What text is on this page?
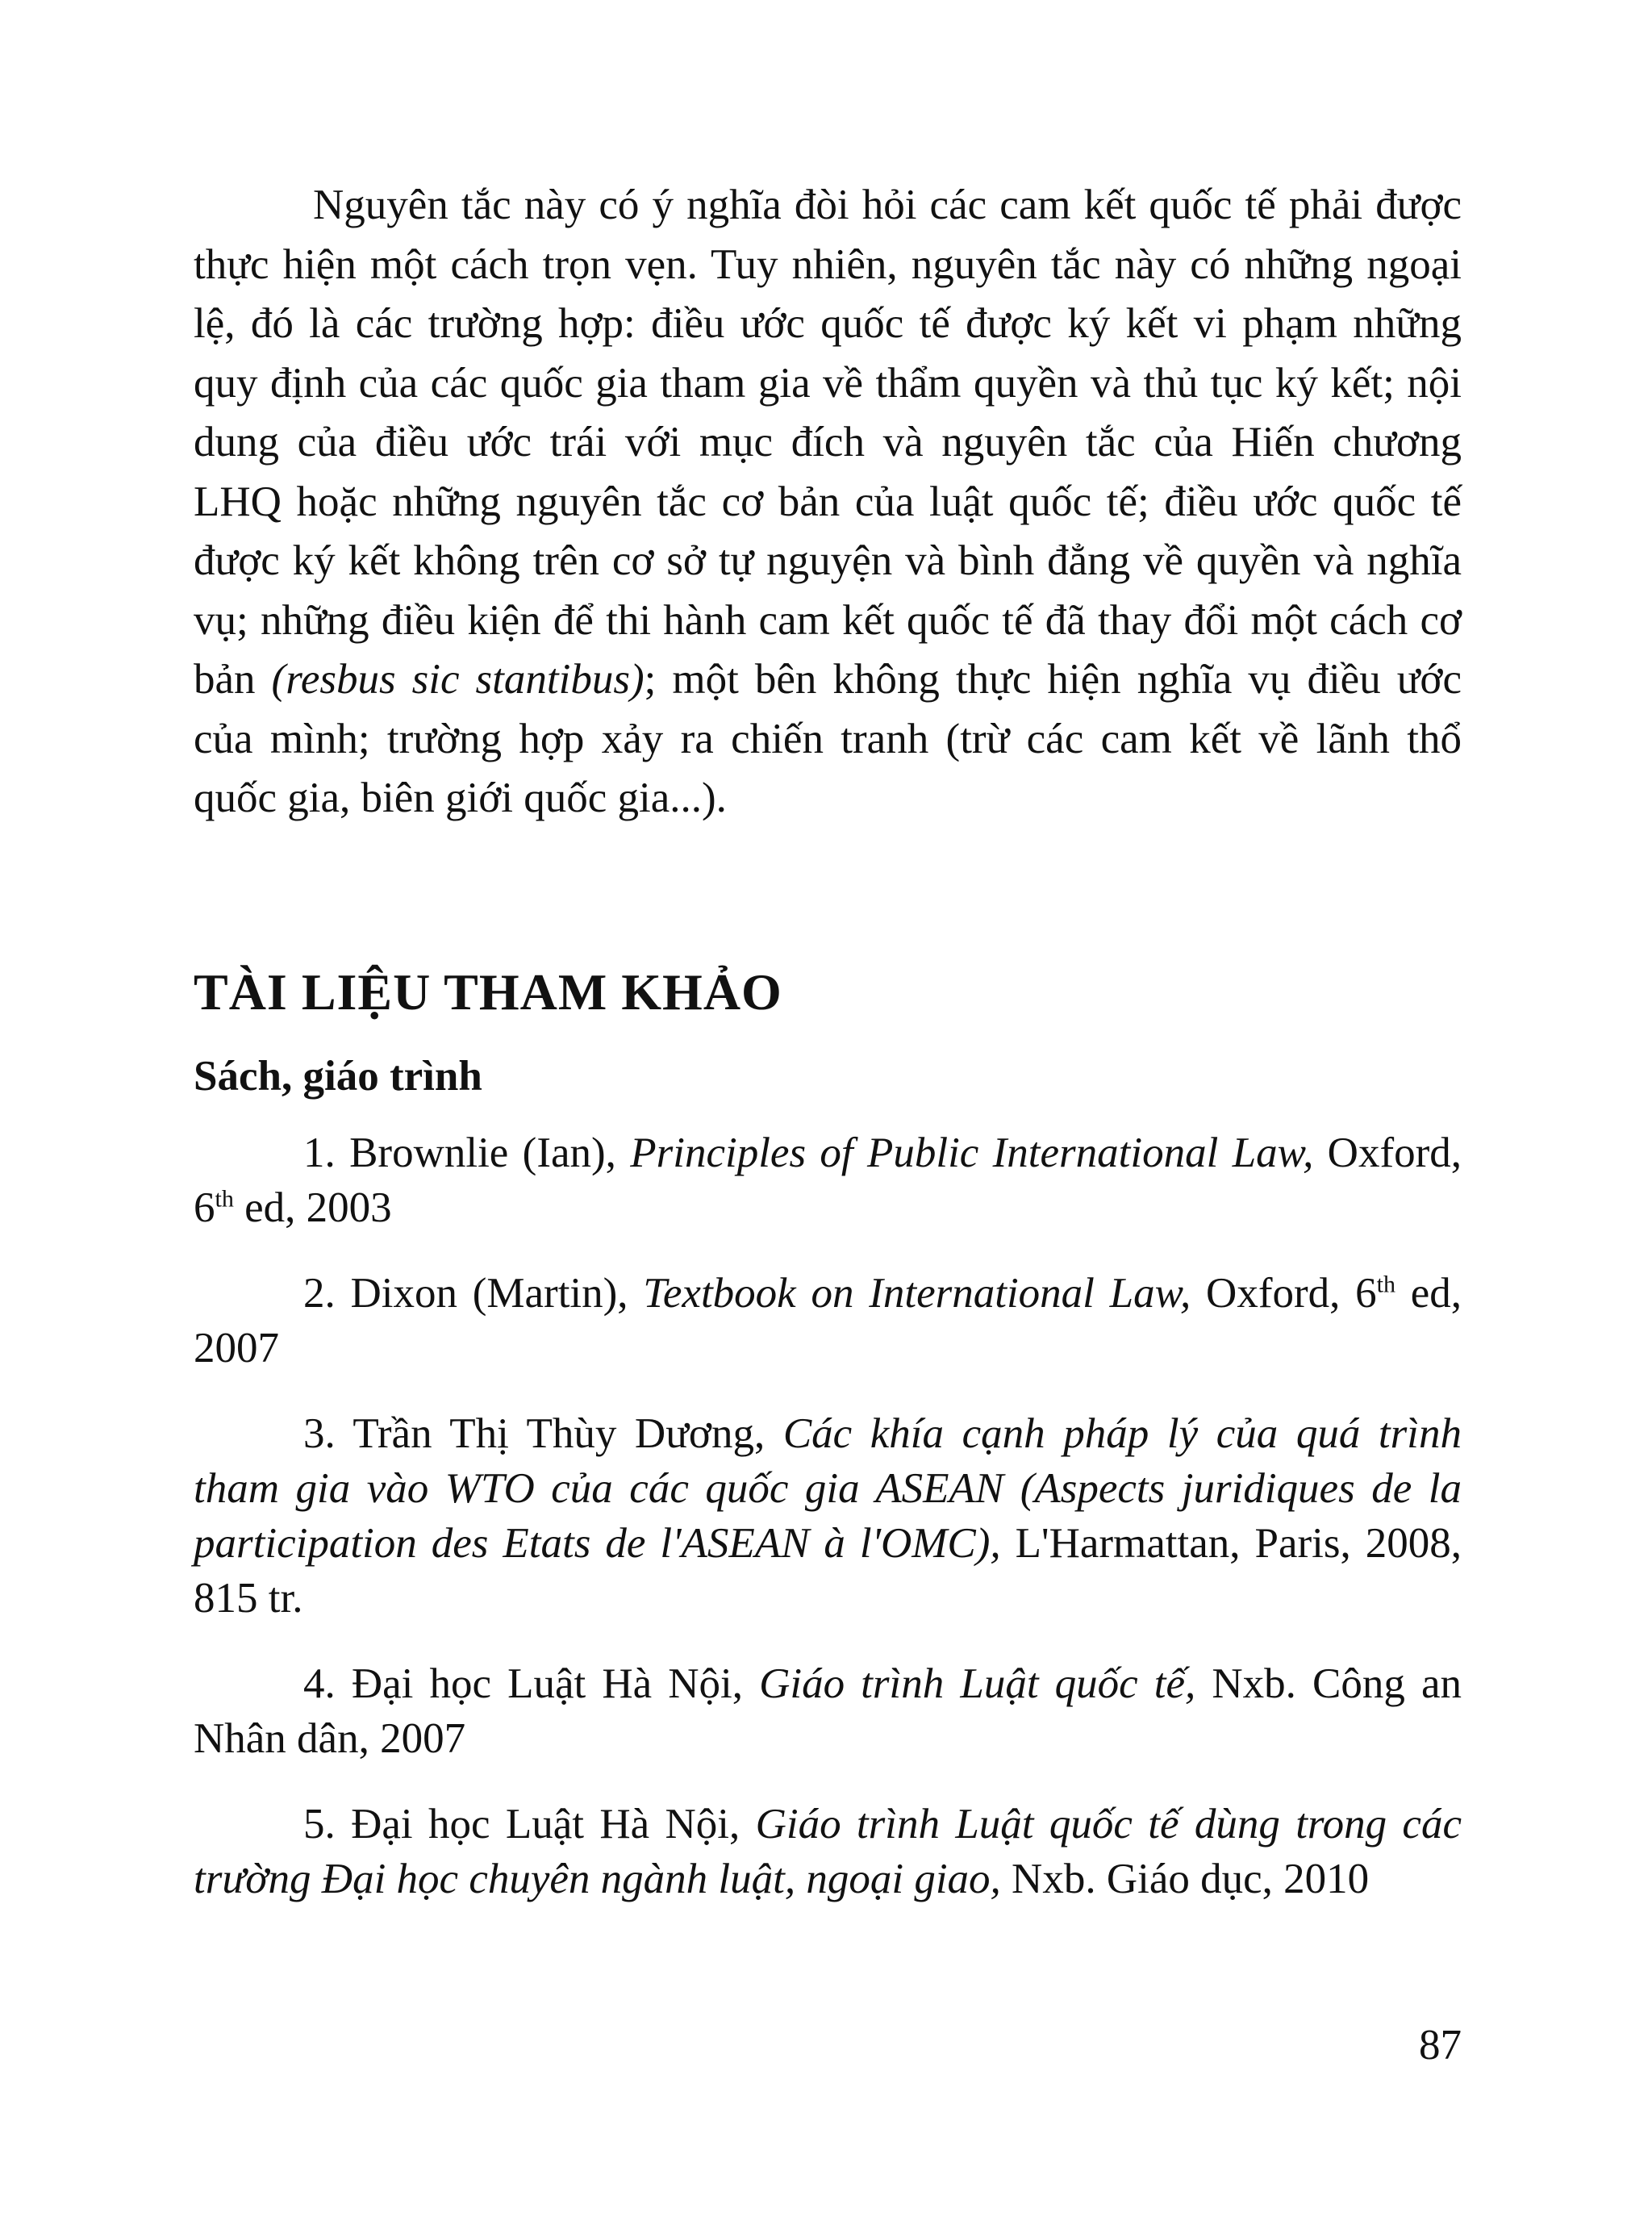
Nguyên tắc này có ý nghĩa đòi hỏi các cam kết quốc tế phải được thực hiện một cách trọn vẹn. Tuy nhiên, nguyên tắc này có những ngoại lệ, đó là các trường hợp: điều ước quốc tế được ký kết vi phạm những quy định của các quốc gia tham gia về thẩm quyền và thủ tục ký kết; nội dung của điều ước trái với mục đích và nguyên tắc của Hiến chương LHQ hoặc những nguyên tắc cơ bản của luật quốc tế; điều ước quốc tế được ký kết không trên cơ sở tự nguyện và bình đẳng về quyền và nghĩa vụ; những điều kiện để thi hành cam kết quốc tế đã thay đổi một cách cơ bản (resbus sic stantibus); một bên không thực hiện nghĩa vụ điều ước của mình; trường hợp xảy ra chiến tranh (trừ các cam kết về lãnh thổ quốc gia, biên giới quốc gia...).

TÀI LIỆU THAM KHẢO
Sách, giáo trình
1. Brownlie (Ian), Principles of Public International Law, Oxford, 6th ed, 2003
2. Dixon (Martin), Textbook on International Law, Oxford, 6th ed, 2007
3. Trần Thị Thùy Dương, Các khía cạnh pháp lý của quá trình tham gia vào WTO của các quốc gia ASEAN (Aspects juridiques de la participation des Etats de l'ASEAN à l'OMC), L'Harmattan, Paris, 2008, 815 tr.
4. Đại học Luật Hà Nội, Giáo trình Luật quốc tế, Nxb. Công an Nhân dân, 2007
5. Đại học Luật Hà Nội, Giáo trình Luật quốc tế dùng trong các trường Đại học chuyên ngành luật, ngoại giao, Nxb. Giáo dục, 2010
87
